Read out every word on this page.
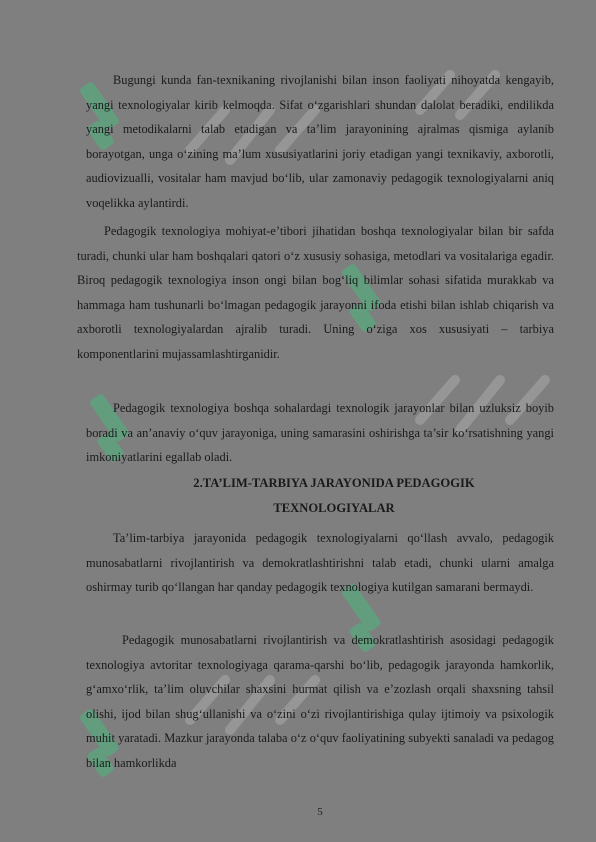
Bugungi kunda fan-texnikaning rivojlanishi bilan inson faoliyati nihoyatda kengayib, yangi texnologiyalar kirib kelmoqda. Sifat o‘zgarishlari shundan dalolat beradiki, endilikda yangi metodikalarni talab etadigan va ta’lim jarayonining ajralmas qismiga aylanib borayotgan, unga o‘zining ma’lum xususiyatlarini joriy etadigan yangi texnikaviy, axborotli, audiovizualli, vositalar ham mavjud bo‘lib, ular zamonaviy pedagogik texnologiyalarni aniq voqelikka aylantirdi.

Pedagogik texnologiya mohiyat-e’tibori jihatidan boshqa texnologiyalar bilan bir safda turadi, chunki ular ham boshqalari qatori o‘z xususiy sohasiga, metodlari va vositalariga egadir. Biroq pedagogik texnologiya inson ongi bilan bog‘liq bilimlar sohasi sifatida murakkab va hammaga ham tushunarli bo‘lmagan pedagogik jarayonni ifoda etishi bilan ishlab chiqarish va axborotli texnologiyalardan ajralib turadi. Uning o‘ziga xos xususiyati – tarbiya komponentlarini mujassamlashtirganidir.

Pedagogik texnologiya boshqa sohalardagi texnologik jarayonlar bilan uzluksiz boyib boradi va an’anaviy o‘quv jarayoniga, uning samarasini oshirishga ta’sir ko‘rsatishning yangi imkoniyatlarini egallab oladi.

2.TA’LIM-TARBIYA JARAYONIDA PEDAGOGIK

TEXNOLOGIYALAR

Ta’lim-tarbiya jarayonida pedagogik texnologiyalarni qo‘llash avvalo, pedagogik munosabatlarni rivojlantirish va demokratlashtirishni talab etadi, chunki ularni amalga oshirmay turib qo‘llangan har qanday pedagogik texnologiya kutilgan samarani bermaydi.

Pedagogik munosabatlarni rivojlantirish va demokratlashtirish asosidagi pedagogik texnologiya avtoritar texnologiyaga qarama-qarshi bo‘lib, pedagogik jarayonda hamkorlik, g‘amxo‘rlik, ta’lim oluvchilar shaxsini hurmat qilish va e’zozlash orqali shaxsning tahsil olishi, ijod bilan shug‘ullanishi va o‘zini o‘zi rivojlantirishiga qulay ijtimoiy va psixologik muhit yaratadi. Mazkur jarayonda talaba o‘z o‘quv faoliyatining subyekti sanaladi va pedagog bilan hamkorlikda

5
